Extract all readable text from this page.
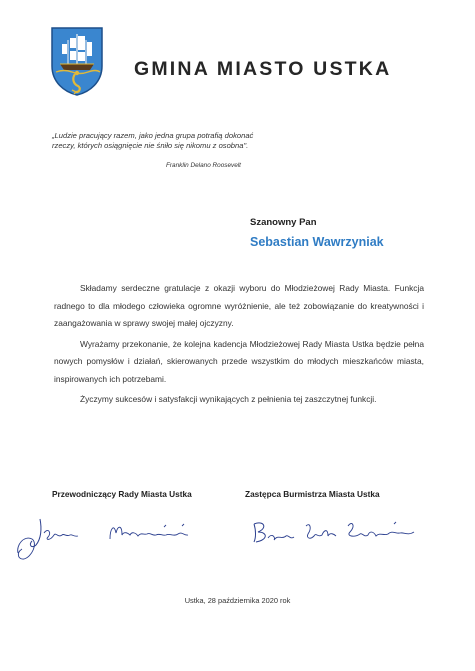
GMINA MIASTO USTKA
„Ludzie pracujący razem, jako jedna grupa potrafią dokonać rzeczy, których osiągnięcie nie śniło się nikomu z osobna".
Franklin Delano Roosevelt
Szanowny Pan
Sebastian Wawrzyniak

Składamy serdeczne gratulacje z okazji wyboru do Młodzieżowej Rady Miasta. Funkcja radnego to dla młodego człowieka ogromne wyróżnienie, ale też zobowiązanie do kreatywności i zaangażowania w sprawy swojej małej ojczyzny.

Wyrażamy przekonanie, że kolejna kadencja Młodzieżowej Rady Miasta Ustka będzie pełna nowych pomysłów i działań, skierowanych przede wszystkim do młodych mieszkańców miasta, inspirowanych ich potrzebami.

Życzymy sukcesów i satysfakcji wynikających z pełnienia tej zaszczytnej funkcji.

Przewodniczący Rady Miasta Ustka	Zastępca Burmistrza Miasta Ustka
Ustka, 28 października 2020 rok
